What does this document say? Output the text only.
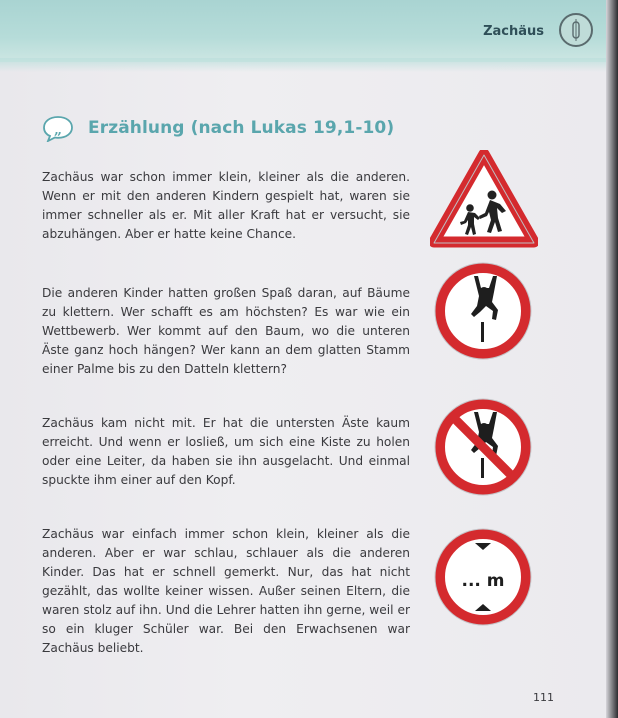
Zachäus
„ Erzählung (nach Lukas 19,1-10)

Zachäus war schon immer klein, kleiner als die anderen. Wenn er mit den anderen Kindern gespielt hat, waren sie immer schneller als er. Mit aller Kraft hat er versucht, sie abzuhängen. Aber er hatte keine Chance.

Die anderen Kinder hatten großen Spaß daran, auf Bäume zu klettern. Wer schafft es am höchsten? Es war wie ein Wettbewerb. Wer kommt auf den Baum, wo die unteren Äste ganz hoch hängen? Wer kann an dem glatten Stamm einer Palme bis zu den Datteln klettern?

Zachäus kam nicht mit. Er hat die untersten Äste kaum erreicht. Und wenn er losließ, um sich eine Kiste zu holen oder eine Leiter, da haben sie ihn ausgelacht. Und einmal spuckte ihm einer auf den Kopf.

Zachäus war einfach immer schon klein, kleiner als die anderen. Aber er war schlau, schlauer als die anderen Kinder. Das hat er schnell gemerkt. Nur, das hat nicht gezählt, das wollte keiner wissen. Außer seinen Eltern, die waren stolz auf ihn. Und die Lehrer hatten ihn gerne, weil er so ein kluger Schüler war. Bei den Erwachsenen war Zachäus beliebt.

... m
111
